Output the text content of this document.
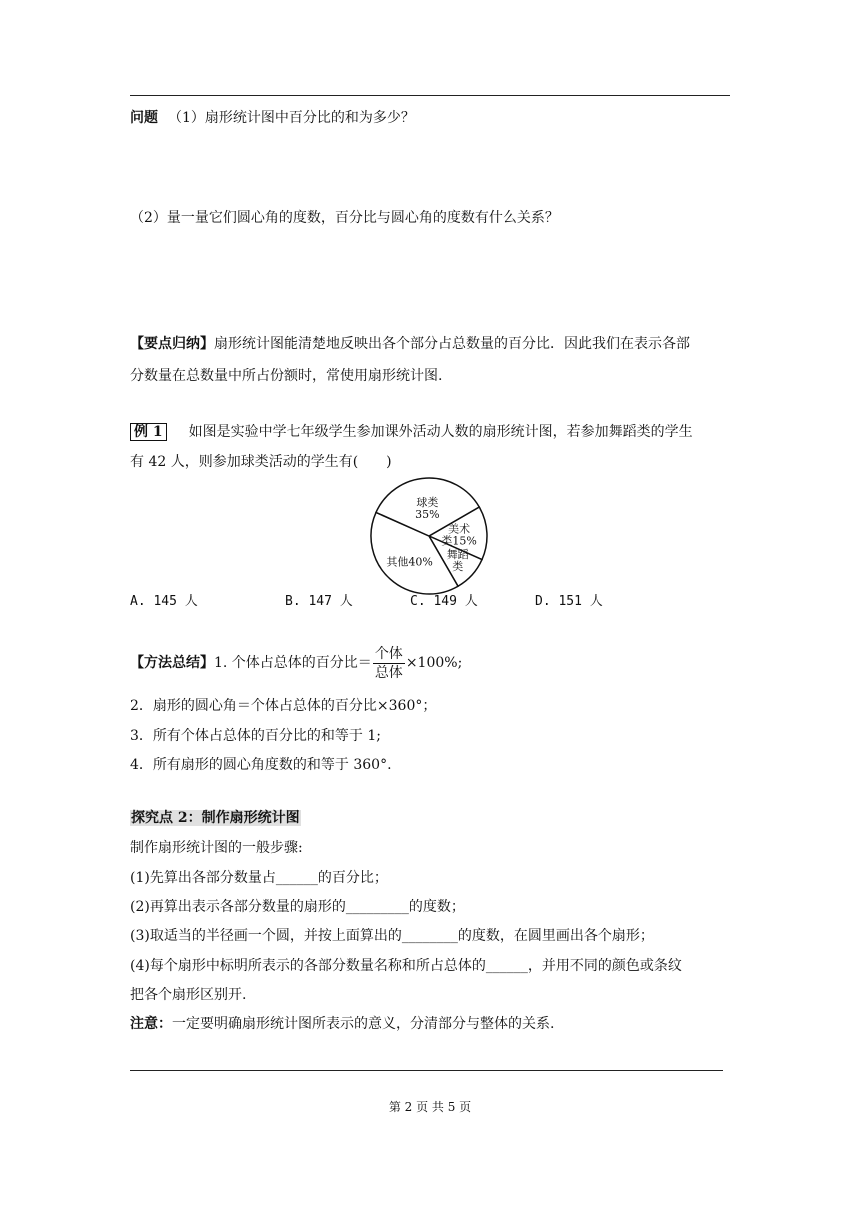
问题 （1）扇形统计图中百分比的和为多少？
（2）量一量它们圆心角的度数，百分比与圆心角的度数有什么关系？
【要点归纳】扇形统计图能清楚地反映出各个部分占总数量的百分比．因此我们在表示各部
分数量在总数量中所占份额时，常使用扇形统计图.
例 1 如图是实验中学七年级学生参加课外活动人数的扇形统计图，若参加舞蹈类的学生
有 42 人，则参加球类活动的学生有(　　)
美术类15%
舞蹈类
其他40%
球类 35%
A. 145 人	B. 147 人	C. 149 人	D. 151 人
【方法总结】1. 个体占总体的百分比＝ $\frac{\text{个体}}{\text{总体}} \times 100\%$;
2．扇形的圆心角＝个体占总体的百分比×360°；
3．所有个体占总体的百分比的和等于 1;
4．所有扇形的圆心角度数的和等于 360°.
探究点 2：制作扇形统计图
制作扇形统计图的一般步骤:
(1)先算出各部分数量占______的百分比；
(2)再算出表示各部分数量的扇形的_________的度数；
(3)取适当的半径画一个圆，并按上面算出的________的度数，在圆里画出各个扇形；
(4)每个扇形中标明所表示的各部分数量名称和所占总体的______，并用不同的颜色或条纹
把各个扇形区别开.
注意：一定要明确扇形统计图所表示的意义，分清部分与整体的关系.
第 2 页 共 5 页
